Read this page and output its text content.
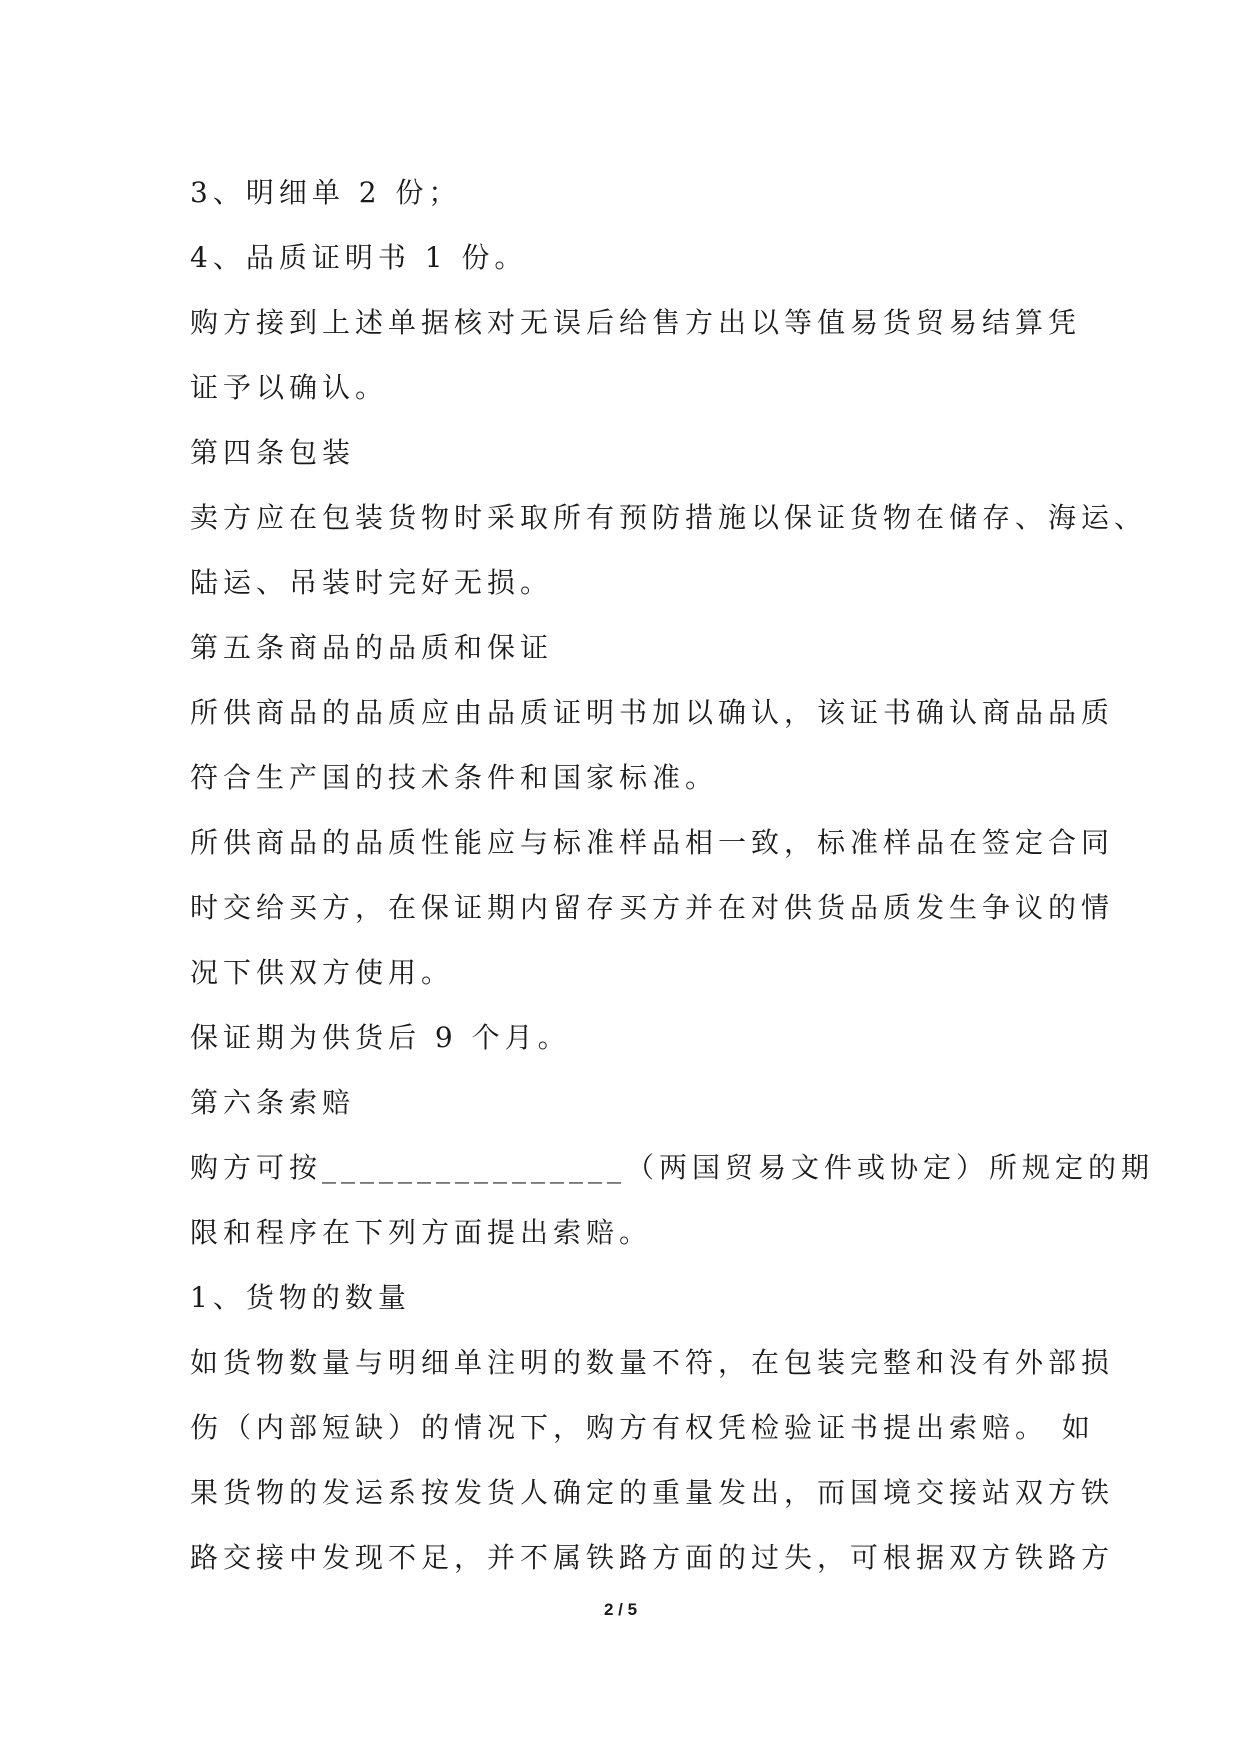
3、明细单 2 份；
4、品质证明书 1 份。
购方接到上述单据核对无误后给售方出以等值易货贸易结算凭
证予以确认。
第四条包装
卖方应在包装货物时采取所有预防措施以保证货物在储存、海运、
陆运、吊装时完好无损。
第五条商品的品质和保证
所供商品的品质应由品质证明书加以确认，该证书确认商品品质
符合生产国的技术条件和国家标准。
所供商品的品质性能应与标准样品相一致，标准样品在签定合同
时交给买方，在保证期内留存买方并在对供货品质发生争议的情
况下供双方使用。
保证期为供货后 9 个月。
第六条索赔
购方可按________________（两国贸易文件或协定）所规定的期
限和程序在下列方面提出索赔。
1、货物的数量
如货物数量与明细单注明的数量不符，在包装完整和没有外部损
伤（内部短缺）的情况下，购方有权凭检验证书提出索赔。 如
果货物的发运系按发货人确定的重量发出，而国境交接站双方铁
路交接中发现不足，并不属铁路方面的过失，可根据双方铁路方
2 / 5
